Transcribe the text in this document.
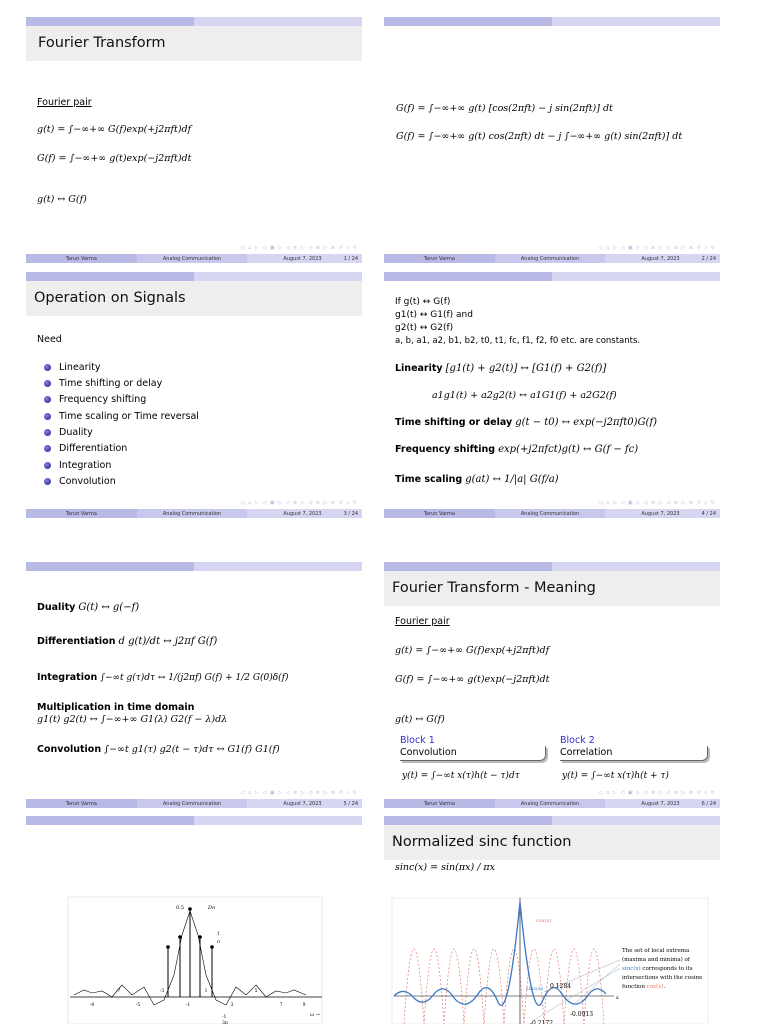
Fourier Transform
Fourier pair
g(t) = ∫−∞+∞ G(f)exp(+j2πft)df
G(f) = ∫−∞+∞ g(t)exp(−j2πft)dt
g(t) ↔ G(f)
◁ ▫ ▷ ◁ ▣ ▷ ◁ ≡ ▷ ◁ ≡ ▷ ≡ ↺ ⌕ ↻
Tarun Varma	Analog Communication	August 7, 2023	1 / 24
G(f) = ∫−∞+∞ g(t) [cos(2πft) − j sin(2πft)] dt
G(f) = ∫−∞+∞ g(t) cos(2πft) dt − j ∫−∞+∞ g(t) sin(2πft)] dt
◁ ▫ ▷ ◁ ▣ ▷ ◁ ≡ ▷ ◁ ≡ ▷ ≡ ↺ ⌕ ↻
Tarun Varma	Analog Communication	August 7, 2023	2 / 24
Operation on Signals
Need
Linearity
Time shifting or delay
Frequency shifting
Time scaling or Time reversal
Duality
Differentiation
Integration
Convolution
◁ ▫ ▷ ◁ ▣ ▷ ◁ ≡ ▷ ◁ ≡ ▷ ≡ ↺ ⌕ ↻
Tarun Varma	Analog Communication	August 7, 2023	3 / 24
If g(t) ↔ G(f)
g1(t) ↔ G1(f) and
g2(t) ↔ G2(f)
a, b, a1, a2, b1, b2, t0, t1, fc, f1, f2, f0 etc. are constants.
Linearity [g1(t) + g2(t)] ↔ [G1(f) + G2(f)]
a1g1(t) + a2g2(t) ↔ a1G1(f) + a2G2(f)
Time shifting or delay g(t − t0) ↔ exp(−j2πft0)G(f)
Frequency shifting exp(+j2πfct)g(t) ↔ G(f − fc)
Time scaling g(at) ↔ 1/|a| G(f/a)
◁ ▫ ▷ ◁ ▣ ▷ ◁ ≡ ▷ ◁ ≡ ▷ ≡ ↺ ⌕ ↻
Tarun Varma	Analog Communication	August 7, 2023	4 / 24
Duality G(t) ↔ g(−f)
Differentiation d g(t)/dt ↔ j2πf G(f)
Integration ∫−∞t g(τ)dτ ↔ 1/(j2πf) G(f) + 1/2 G(0)δ(f)
Multiplication in time domain
g1(t) g2(t) ↔ ∫−∞+∞ G1(λ) G2(f − λ)dλ
Convolution ∫−∞t g1(τ) g2(t − τ)dτ ↔ G1(f) G1(f)
◁ ▫ ▷ ◁ ▣ ▷ ◁ ≡ ▷ ◁ ≡ ▷ ≡ ↺ ⌕ ↻
Tarun Varma	Analog Communication	August 7, 2023	5 / 24
Fourier Transform - Meaning
Fourier pair
g(t) = ∫−∞+∞ G(f)exp(+j2πft)df
G(f) = ∫−∞+∞ g(t)exp(−j2πft)dt
g(t) ↔ G(f)
Block 1
Convolution
y(t) = ∫−∞t x(τ)h(t − τ)dτ
Block 2
Correlation
y(t) = ∫−∞t x(τ)h(t + τ)
◁ ▫ ▷ ◁ ▣ ▷ ◁ ≡ ▷ ◁ ≡ ▷ ≡ ↺ ⌕ ↻
Tarun Varma	Analog Communication	August 7, 2023	6 / 24
0.5	Dn
1
π
-1
3π
ω →
-9
-7
-5
-3
-1
1
3
5
7	9
Normalized sinc function
sinc(x) = sin(πx) / πx
cos(x)
sinc(x) 0.1284
-0.0913
-0.2172
x
The set of local extrema
(maxima and minima) of
sinc(x) corresponds to its
intersections with the cosine
function cos(x).
